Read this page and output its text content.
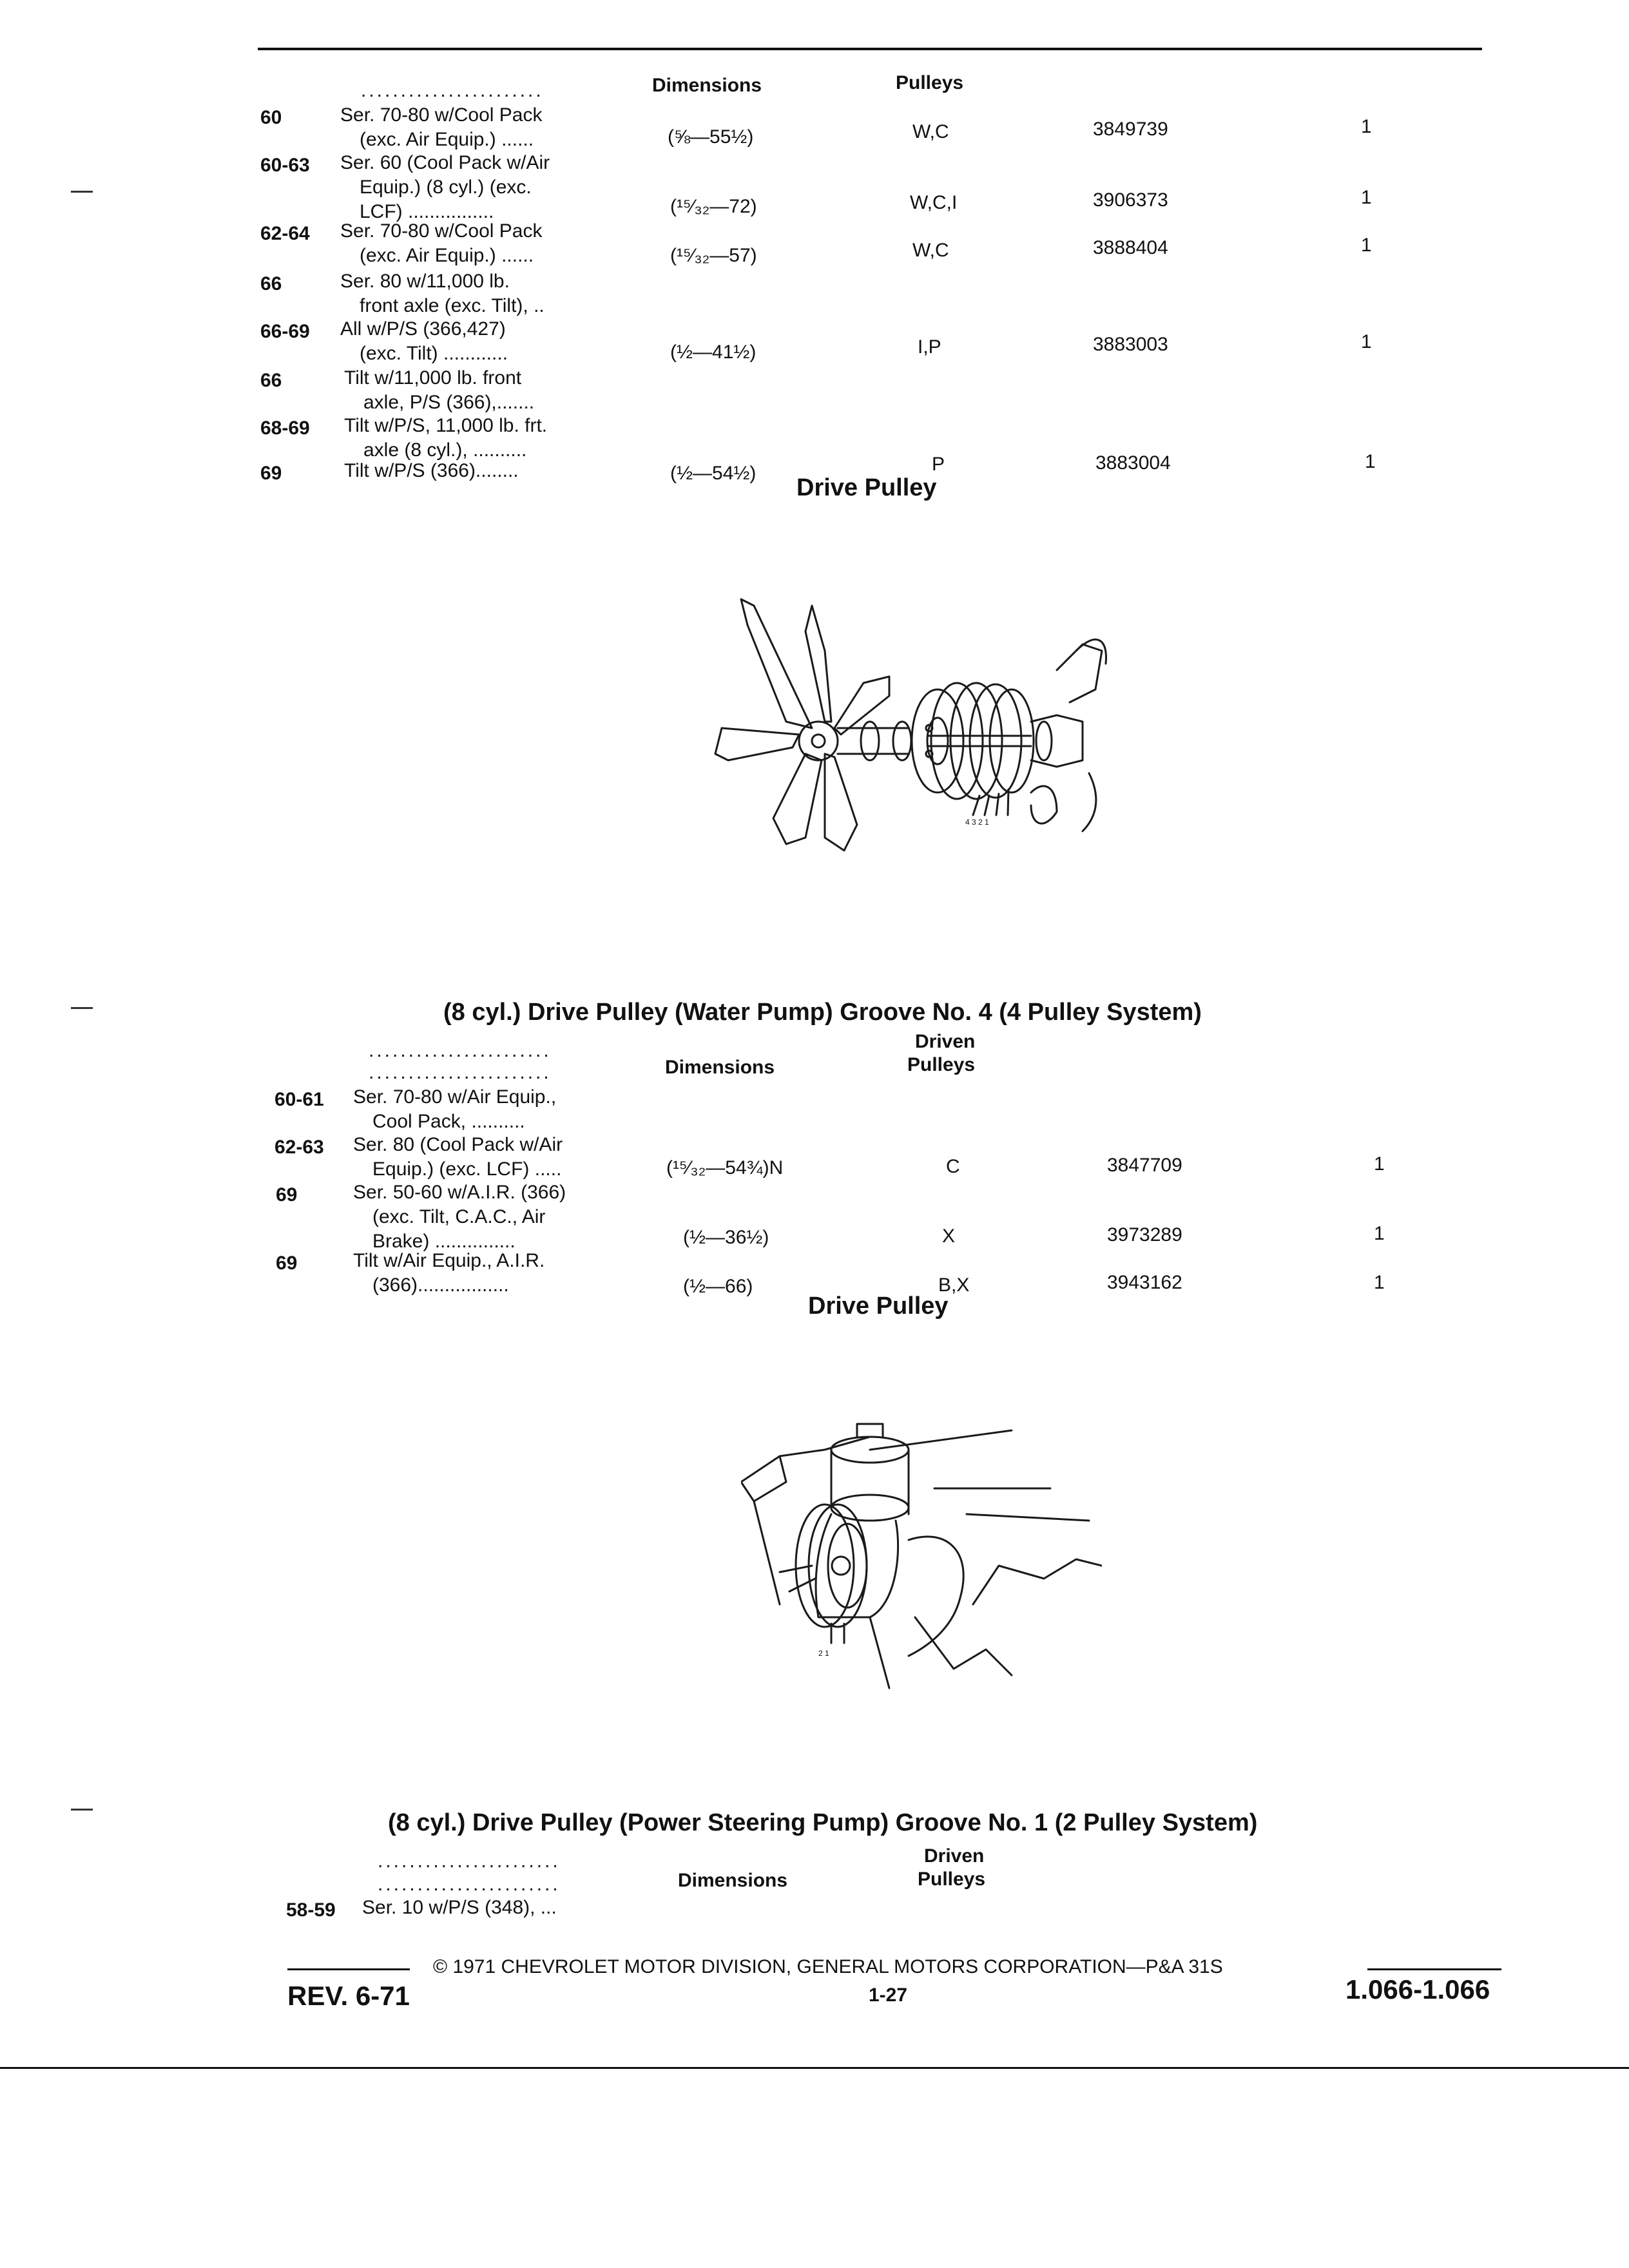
.......................	Dimensions	Pulleys
60	Ser. 70-80 w/Cool Pack
(exc. Air Equip.) ......	(⅝—55½)	W,C	3849739	1
60-63 Ser. 60 (Cool Pack w/Air
Equip.) (8 cyl.) (exc.
LCF) ................	(¹⁵⁄₃₂—72)	W,C,I	3906373	1
62-64 Ser. 70-80 w/Cool Pack
(exc. Air Equip.) ......	(¹⁵⁄₃₂—57)	W,C	3888404	1
66	Ser. 80 w/11,000 lb.
front axle (exc. Tilt), ..
66-69 All w/P/S (366,427)
(exc. Tilt) ............	(½—41½)	I,P	3883003	1
66	Tilt w/11,000 lb. front
axle, P/S (366),.......
68-69 Tilt w/P/S, 11,000 lb. frt.
axle (8 cyl.), ..........
69	Tilt w/P/S (366)........	(½—54½)	P	3883004	1
Drive Pulley
4 3 2 1
(8 cyl.) Drive Pulley (Water Pump) Groove No. 4 (4 Pulley System)
.......................
.......................	Dimensions
Driven
Pulleys
60-61 Ser. 70-80 w/Air Equip.,
Cool Pack, ..........
62-63 Ser. 80 (Cool Pack w/Air
Equip.) (exc. LCF) .....	(¹⁵⁄₃₂—54¾)N	C	3847709	1
69	Ser. 50-60 w/A.I.R. (366)
(exc. Tilt, C.A.C., Air
Brake) ...............	(½—36½)	X	3973289	1
69	Tilt w/Air Equip., A.I.R.
(366).................	(½—66)	B,X	3943162	1
Drive Pulley
2 1
(8 cyl.) Drive Pulley (Power Steering Pump) Groove No. 1 (2 Pulley System)
.......................
.......................	Dimensions
Driven
Pulleys
58-59 Ser. 10 w/P/S (348), ...
© 1971 CHEVROLET MOTOR DIVISION, GENERAL MOTORS CORPORATION—P&A 31S
REV. 6-71	1-27	1.066-1.066
